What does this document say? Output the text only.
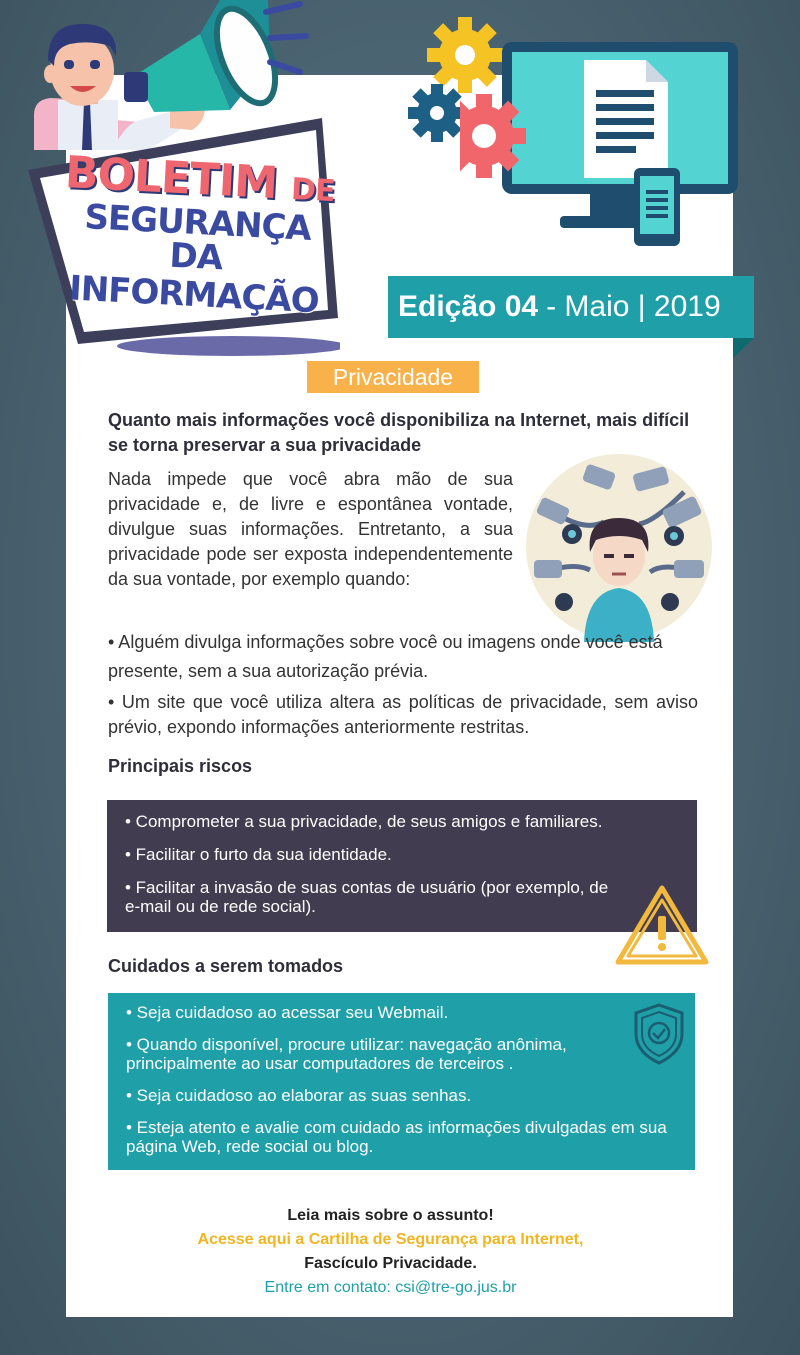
BOLETIM DE
SEGURANÇA DA
INFORMAÇÃO	Edição 04 - Maio | 2019
Privacidade
Quanto mais informações você disponibiliza na Internet, mais difícil se torna preservar a sua privacidade
Nada impede que você abra mão de sua privacidade e, de livre e espontânea vontade, divulgue suas informações. Entretanto, a sua privacidade pode ser exposta independentemente da sua vontade, por exemplo quando:
• Alguém divulga informações sobre você ou imagens onde você está presente, sem a sua autorização prévia.
• Um site que você utiliza altera as políticas de privacidade, sem aviso prévio, expondo informações anteriormente restritas.
Principais riscos
• Comprometer a sua privacidade, de seus amigos e familiares.
• Facilitar o furto da sua identidade.
• Facilitar a invasão de suas contas de usuário (por exemplo, de e-mail ou de rede social).
Cuidados a serem tomados
• Seja cuidadoso ao acessar seu Webmail.
• Quando disponível, procure utilizar: navegação anônima, principalmente ao usar computadores de terceiros .
• Seja cuidadoso ao elaborar as suas senhas.
• Esteja atento e avalie com cuidado as informações divulgadas em sua página Web, rede social ou blog.
Leia mais sobre o assunto!
Acesse aqui a Cartilha de Segurança para Internet,
Fascículo Privacidade.
Entre em contato: csi@tre-go.jus.br
